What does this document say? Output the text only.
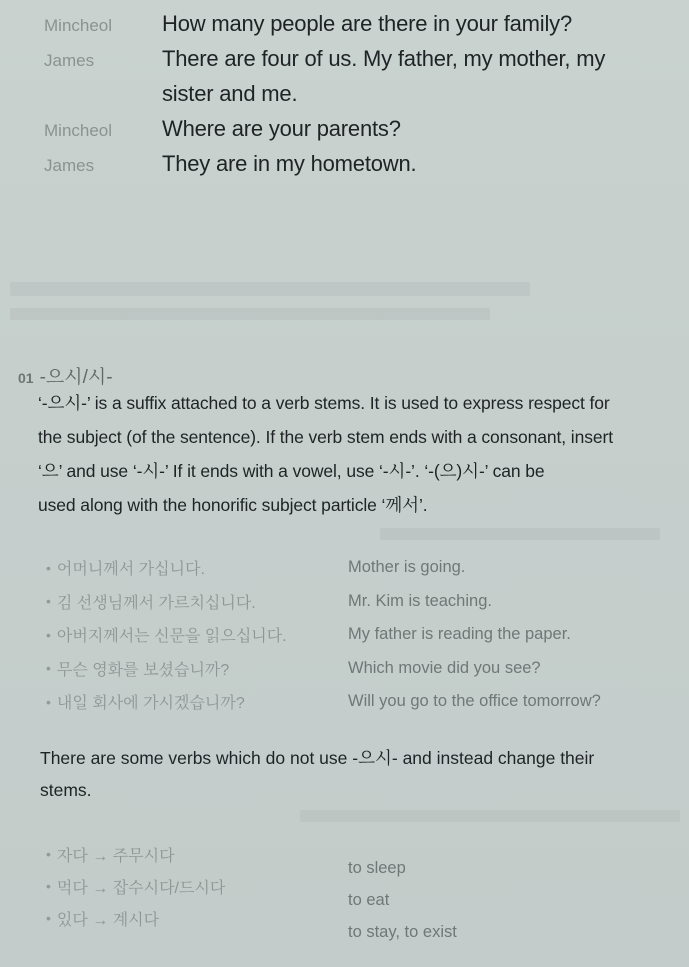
Mincheol	How many people are there in your family?
James	There are four of us. My father, my mother, my
sister and me.
Mincheol	Where are your parents?
James	They are in my hometown.
01 -으시/시-

‘-으시-’ is a suffix attached to a verb stems. It is used to express respect for

the subject (of the sentence). If the verb stem ends with a consonant, insert

‘으’ and use ‘-시-’ If it ends with a vowel, use ‘-시-’. ‘-(으)시-’ can be

used along with the honorific subject particle ‘께서’.

• 어머니께서 가십니다.	Mother is going.
• 김 선생님께서 가르치십니다.	Mr. Kim is teaching.
• 아버지께서는 신문을 읽으십니다.	My father is reading the paper.
• 무슨 영화를 보셨습니까?	Which movie did you see?
• 내일 회사에 가시겠습니까?	Will you go to the office tomorrow?

There are some verbs which do not use -으시- and instead change their

stems.

• 자다 → 주무시다
to sleep
• 먹다 → 잡수시다/드시다
to eat
• 있다 → 계시다
to stay, to exist
